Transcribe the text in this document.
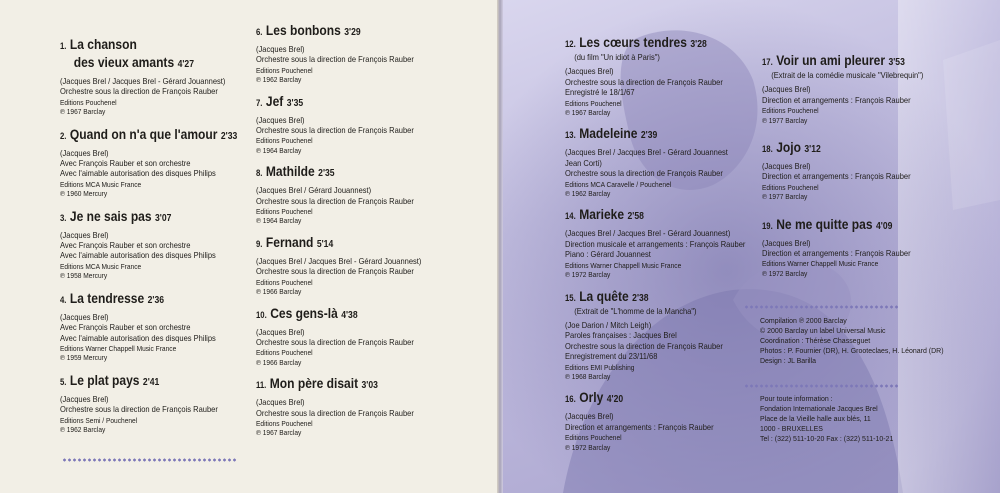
1. La chanson
des vieux amants 4'27
(Jacques Brel / Jacques Brel - Gérard Jouannest)
Orchestre sous la direction de François Rauber
Editions Pouchenel
℗ 1967 Barclay
2. Quand on n'a que l'amour 2'33
(Jacques Brel)
Avec François Rauber et son orchestre
Avec l'aimable autorisation des disques Philips
Editions MCA Music France
℗ 1960 Mercury
3. Je ne sais pas 3'07
(Jacques Brel)
Avec François Rauber et son orchestre
Avec l'aimable autorisation des disques Philips
Editions MCA Music France
℗ 1958 Mercury
4. La tendresse 2'36
(Jacques Brel)
Avec François Rauber et son orchestre
Avec l'aimable autorisation des disques Philips
Editions Warner Chappell Music France
℗ 1959 Mercury
5. Le plat pays 2'41
(Jacques Brel)
Orchestre sous la direction de François Rauber
Editions Semi / Pouchenel
℗ 1962 Barclay
6. Les bonbons 3'29
(Jacques Brel)
Orchestre sous la direction de François Rauber
Editions Pouchenel
℗ 1962 Barclay
7. Jef 3'35
(Jacques Brel)
Orchestre sous la direction de François Rauber
Editions Pouchenel
℗ 1964 Barclay
8. Mathilde 2'35
(Jacques Brel / Gérard Jouannest)
Orchestre sous la direction de François Rauber
Editions Pouchenel
℗ 1964 Barclay
9. Fernand 5'14
(Jacques Brel / Jacques Brel - Gérard Jouannest)
Orchestre sous la direction de François Rauber
Editions Pouchenel
℗ 1966 Barclay
10. Ces gens-là 4'38
(Jacques Brel)
Orchestre sous la direction de François Rauber
Editions Pouchenel
℗ 1966 Barclay
11. Mon père disait 3'03
(Jacques Brel)
Orchestre sous la direction de François Rauber
Editions Pouchenel
℗ 1967 Barclay
12. Les cœurs tendres 3'28
(du film "Un idiot à Paris")
(Jacques Brel)
Orchestre sous la direction de François Rauber
Enregistré le 18/1/67
Editions Pouchenel
℗ 1967 Barclay
13. Madeleine 2'39
(Jacques Brel / Jacques Brel - Gérard Jouannest
Jean Corti)
Orchestre sous la direction de François Rauber
Editions MCA Caravelle / Pouchenel
℗ 1962 Barclay
14. Marieke 2'58
(Jacques Brel / Jacques Brel - Gérard Jouannest)
Direction musicale et arrangements : François Rauber
Piano : Gérard Jouannest
Editions Warner Chappell Music France
℗ 1972 Barclay
15. La quête 2'38
(Extrait de "L'homme de la Mancha")
(Joe Darion / Mitch Leigh)
Paroles françaises : Jacques Brel
Orchestre sous la direction de François Rauber
Enregistrement du 23/11/68
Editions EMI Publishing
℗ 1968 Barclay
16. Orly 4'20
(Jacques Brel)
Direction et arrangements : François Rauber
Editions Pouchenel
℗ 1972 Barclay
17. Voir un ami pleurer 3'53
(Extrait de la comédie musicale "Vilebrequin")
(Jacques Brel)
Direction et arrangements : François Rauber
Editions Pouchenel
℗ 1977 Barclay
18. Jojo 3'12
(Jacques Brel)
Direction et arrangements : François Rauber
Editions Pouchenel
℗ 1977 Barclay
19. Ne me quitte pas 4'09
(Jacques Brel)
Direction et arrangements : François Rauber
Editions Warner Chappell Music France
℗ 1972 Barclay
Compilation ℗ 2000 Barclay
© 2000 Barclay un label Universal Music
Coordination : Thérèse Chasseguet
Photos : P. Fournier (DR), H. Grooteclaes, H. Léonard (DR)
Design : JL Barilla
Pour toute information :
Fondation Internationale Jacques Brel
Place de la Vieille halle aux blés, 11
1000 - BRUXELLES
Tel : (322) 511-10-20 Fax : (322) 511-10-21
